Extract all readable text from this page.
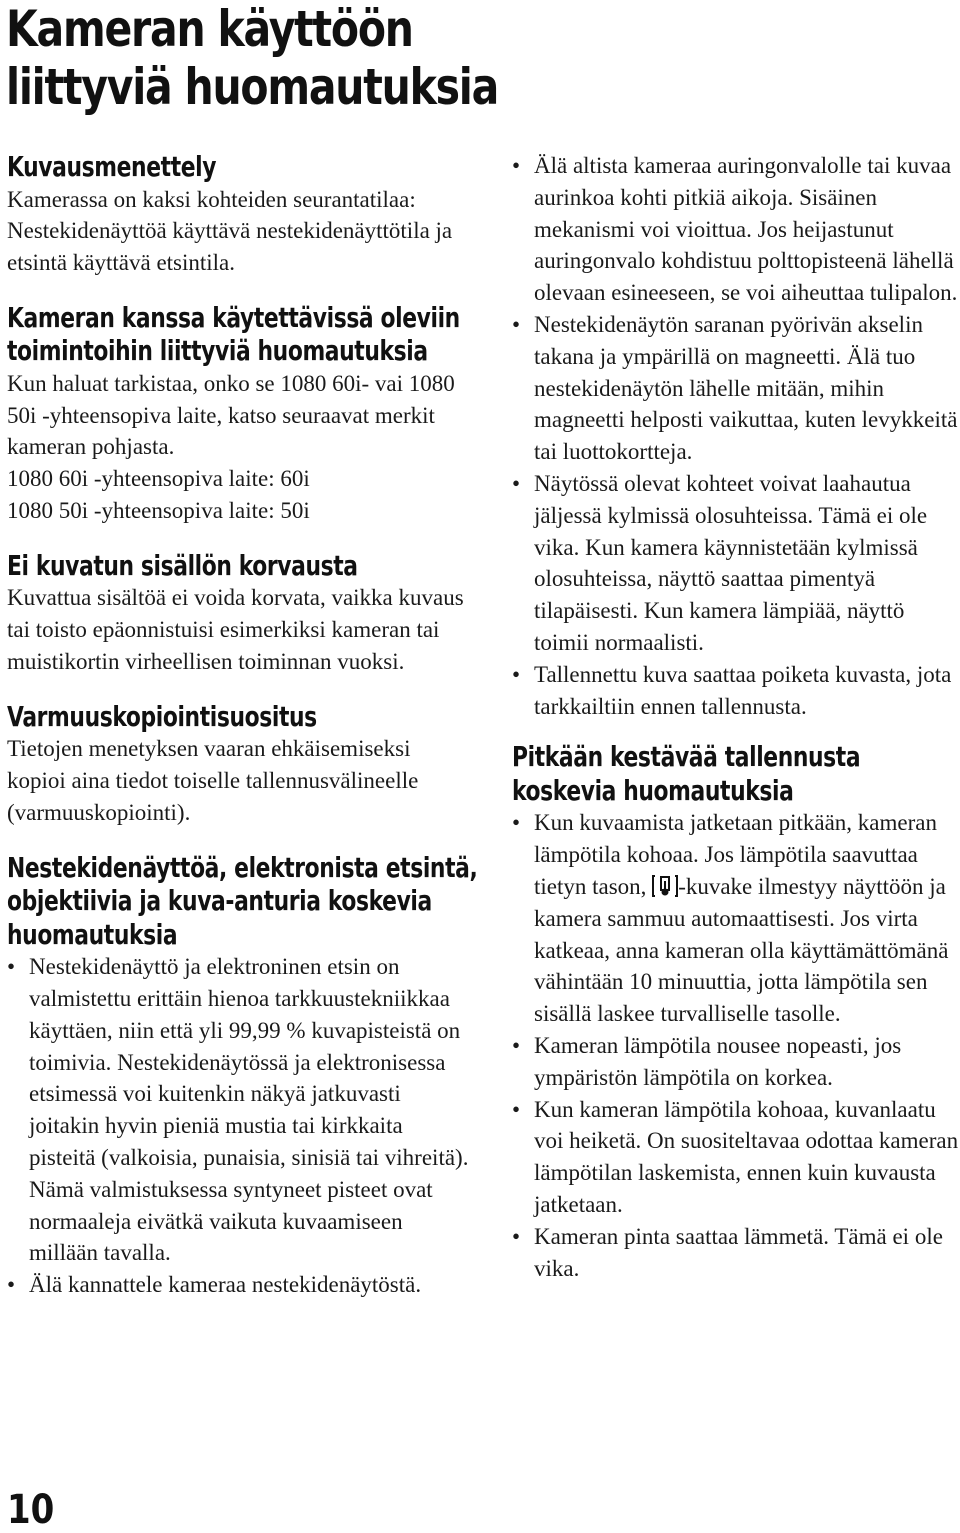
Kameran käyttöön liittyviä huomautuksia
Kuvausmenettely

Kamerassa on kaksi kohteiden seurantatilaa: Nestekidenäyttöä käyttävä nestekidenäyttötila ja etsintä käyttävä etsintila.

Kameran kanssa käytettävissä oleviin toimintoihin liittyviä huomautuksia

Kun haluat tarkistaa, onko se 1080 60i- vai 1080 50i -yhteensopiva laite, katso seuraavat merkit kameran pohjasta.

1080 60i -yhteensopiva laite: 60i

1080 50i -yhteensopiva laite: 50i

Ei kuvatun sisällön korvausta

Kuvattua sisältöä ei voida korvata, vaikka kuvaus tai toisto epäonnistuisi esimerkiksi kameran tai muistikortin virheellisen toiminnan vuoksi.

Varmuuskopiointisuositus

Tietojen menetyksen vaaran ehkäisemiseksi kopioi aina tiedot toiselle tallennusvälineelle (varmuuskopiointi).

Nestekidenäyttöä, elektronista etsintä, objektiivia ja kuva-anturia koskevia huomautuksia
• Nestekidenäyttö ja elektroninen etsin on valmistettu erittäin hienoa tarkkuustekniikkaa käyttäen, niin että yli 99,99 % kuvapisteistä on toimivia. Nestekidenäytössä ja elektronisessa etsimessä voi kuitenkin näkyä jatkuvasti joitakin hyvin pieniä mustia tai kirkkaita pisteitä (valkoisia, punaisia, sinisiä tai vihreitä). Nämä valmistuksessa syntyneet pisteet ovat normaaleja eivätkä vaikuta kuvaamiseen millään tavalla.
• Älä kannattele kameraa nestekidenäytöstä.
• Älä altista kameraa auringonvalolle tai kuvaa aurinkoa kohti pitkiä aikoja. Sisäinen mekanismi voi vioittua. Jos heijastunut auringonvalo kohdistuu polttopisteenä lähellä olevaan esineeseen, se voi aiheuttaa tulipalon.
• Nestekidenäytön saranan pyörivän akselin takana ja ympärillä on magneetti. Älä tuo nestekidenäytön lähelle mitään, mihin magneetti helposti vaikuttaa, kuten levykkeitä tai luottokortteja.
• Näytössä olevat kohteet voivat laahautua jäljessä kylmissä olosuhteissa. Tämä ei ole vika. Kun kamera käynnistetään kylmissä olosuhteissa, näyttö saattaa pimentyä tilapäisesti. Kun kamera lämpiää, näyttö toimii normaalisti.
• Tallennettu kuva saattaa poiketa kuvasta, jota tarkkailtiin ennen tallennusta.
Pitkään kestävää tallennusta koskevia huomautuksia
• Kun kuvaamista jatketaan pitkään, kameran lämpötila kohoaa. Jos lämpötila saavuttaa tietyn tason, -kuvake ilmestyy näyttöön ja kamera sammuu automaattisesti. Jos virta katkeaa, anna kameran olla käyttämättömänä vähintään 10 minuuttia, jotta lämpötila sen sisällä laskee turvalliselle tasolle.
• Kameran lämpötila nousee nopeasti, jos ympäristön lämpötila on korkea.
• Kun kameran lämpötila kohoaa, kuvanlaatu voi heiketä. On suositeltavaa odottaa kameran lämpötilan laskemista, ennen kuin kuvausta jatketaan.
• Kameran pinta saattaa lämmetä. Tämä ei ole vika.
10
